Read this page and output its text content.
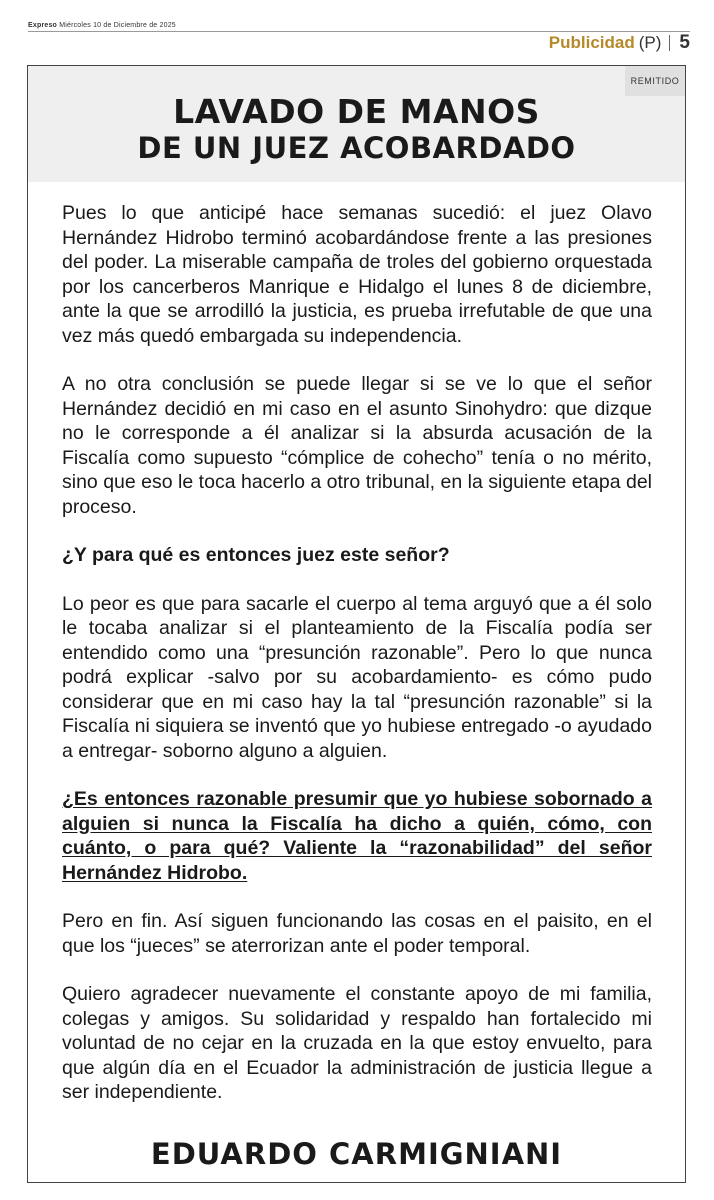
Expreso Miércoles 10 de Diciembre de 2025
Publicidad (P) 5
REMITIDO
LAVADO DE MANOS
DE UN JUEZ ACOBARDADO

Pues lo que anticipé hace semanas sucedió: el juez Olavo Hernández Hidrobo terminó acobardándose frente a las presiones del poder. La miserable campaña de troles del gobierno orquestada por los cancerberos Manrique e Hidalgo el lunes 8 de diciembre, ante la que se arrodilló la justicia, es prueba irrefutable de que una vez más quedó embargada su independencia.

A no otra conclusión se puede llegar si se ve lo que el señor Hernández decidió en mi caso en el asunto Sinohydro: que dizque no le corresponde a él analizar si la absurda acusación de la Fiscalía como supuesto “cómplice de cohecho” tenía o no mérito, sino que eso le toca hacerlo a otro tribunal, en la siguiente etapa del proceso.

¿Y para qué es entonces juez este señor?

Lo peor es que para sacarle el cuerpo al tema arguyó que a él solo le tocaba analizar si el planteamiento de la Fiscalía podía ser entendido como una “presunción razonable”. Pero lo que nunca podrá explicar -salvo por su acobardamiento- es cómo pudo considerar que en mi caso hay la tal “presunción razonable” si la Fiscalía ni siquiera se inventó que yo hubiese entregado -o ayudado a entregar- soborno alguno a alguien.

¿Es entonces razonable presumir que yo hubiese sobornado a alguien si nunca la Fiscalía ha dicho a quién, cómo, con cuánto, o para qué? Valiente la “razonabilidad” del señor Hernández Hidrobo.

Pero en fin. Así siguen funcionando las cosas en el paisito, en el que los “jueces” se aterrorizan ante el poder temporal.

Quiero agradecer nuevamente el constante apoyo de mi familia, colegas y amigos. Su solidaridad y respaldo han fortalecido mi voluntad de no cejar en la cruzada en la que estoy envuelto, para que algún día en el Ecuador la administración de justicia llegue a ser independiente.

EDUARDO CARMIGNIANI
